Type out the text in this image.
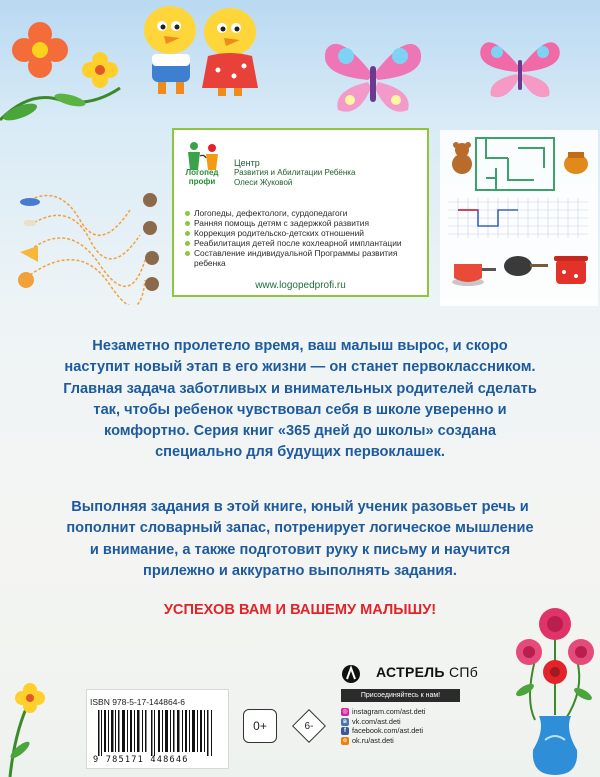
Логопед профи
Центр
Развития и Абилитации Ребёнка
Олеси Жуковой
Логопеды, дефектологи, сурдопедагоги
Ранняя помощь детям с задержкой развития
Коррекция родительско-детских отношений
Реабилитация детей после кохлеарной имплантации
Составление индивидуальной Программы развития ребенка
www.logopedprofi.ru
Незаметно пролетело время, ваш малыш вырос, и скоро наступит новый этап в его жизни — он станет первоклассником. Главная задача заботливых и внимательных родителей сделать так, чтобы ребенок чувствовал себя в школе уверенно и комфортно. Серия книг «365 дней до школы» создана специально для будущих первоклашек.
Выполняя задания в этой книге, юный ученик разовьет речь и пополнит словарный запас, потренирует логическое мышление и внимание, а также подготовит руку к письму и научится прилежно и аккуратно выполнять задания.
УСПЕХОВ ВАМ И ВАШЕМУ МАЛЫШУ!
ISBN 978-5-17-144864-6
9 785171 448646
0+	6-
АСТРЕЛЬ СПб
Присоединяйтесь к нам!
◎ instagram.com/ast.deti
в vk.com/ast.deti
f facebook.com/ast.deti
о ok.ru/ast.deti
